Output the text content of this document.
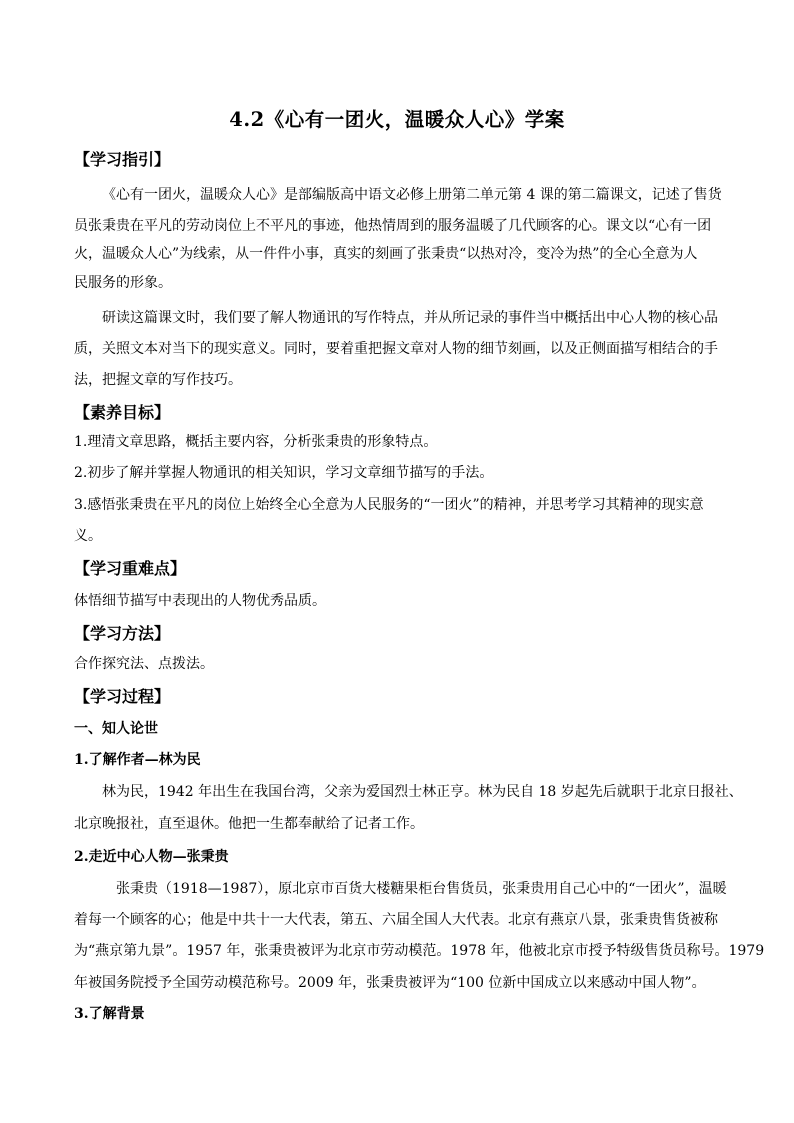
4.2《心有一团火，温暖众人心》学案
【学习指引】
《心有一团火，温暖众人心》是部编版高中语文必修上册第二单元第 4 课的第二篇课文，记述了售货
员张秉贵在平凡的劳动岗位上不平凡的事迹，他热情周到的服务温暖了几代顾客的心。课文以“心有一团
火，温暖众人心”为线索，从一件件小事，真实的刻画了张秉贵“以热对冷，变冷为热”的全心全意为人
民服务的形象。
研读这篇课文时，我们要了解人物通讯的写作特点，并从所记录的事件当中概括出中心人物的核心品
质，关照文本对当下的现实意义。同时，要着重把握文章对人物的细节刻画，以及正侧面描写相结合的手
法，把握文章的写作技巧。
【素养目标】
1.理清文章思路，概括主要内容，分析张秉贵的形象特点。
2.初步了解并掌握人物通讯的相关知识，学习文章细节描写的手法。
3.感悟张秉贵在平凡的岗位上始终全心全意为人民服务的“一团火”的精神，并思考学习其精神的现实意
义。
【学习重难点】
体悟细节描写中表现出的人物优秀品质。
【学习方法】
合作探究法、点拨法。
【学习过程】
一、知人论世
1.了解作者—林为民
林为民，1942 年出生在我国台湾，父亲为爱国烈士林正亨。林为民自 18 岁起先后就职于北京日报社、
北京晚报社，直至退休。他把一生都奉献给了记者工作。
2.走近中心人物—张秉贵
张秉贵（1918—1987），原北京市百货大楼糖果柜台售货员，张秉贵用自己心中的“一团火”，温暖
着每一个顾客的心；他是中共十一大代表，第五、六届全国人大代表。北京有燕京八景，张秉贵售货被称
为“燕京第九景”。1957 年，张秉贵被评为北京市劳动模范。1978 年，他被北京市授予特级售货员称号。1979
年被国务院授予全国劳动模范称号。2009 年，张秉贵被评为“100 位新中国成立以来感动中国人物”。
3.了解背景
